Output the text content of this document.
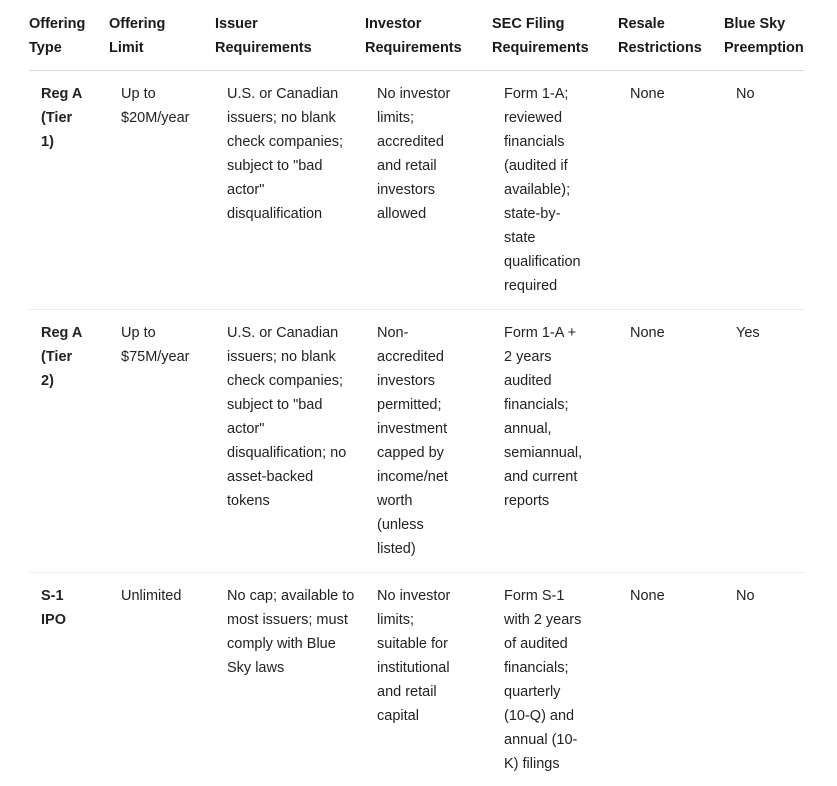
Offering Type	Offering Limit	Issuer Requirements	Investor Requirements	SEC Filing Requirements	Resale Restrictions	Blue Sky Preemption
Reg A (Tier 1)	Up to $20M/year	U.S. or Canadian issuers; no blank check companies; subject to "bad actor" disqualification	No investor limits; accredited and retail investors allowed	Form 1-A; reviewed financials (audited if available); state-by-state qualification required	None	No
Reg A (Tier 2)	Up to $75M/year	U.S. or Canadian issuers; no blank check companies; subject to "bad actor" disqualification; no asset-backed tokens	Non-accredited investors permitted; investment capped by income/net worth (unless listed)	Form 1-A + 2 years audited financials; annual, semiannual, and current reports	None	Yes
S-1 IPO	Unlimited	No cap; available to most issuers; must comply with Blue Sky laws	No investor limits; suitable for institutional and retail capital	Form S-1 with 2 years of audited financials; quarterly (10-Q) and annual (10-K) filings	None	No
